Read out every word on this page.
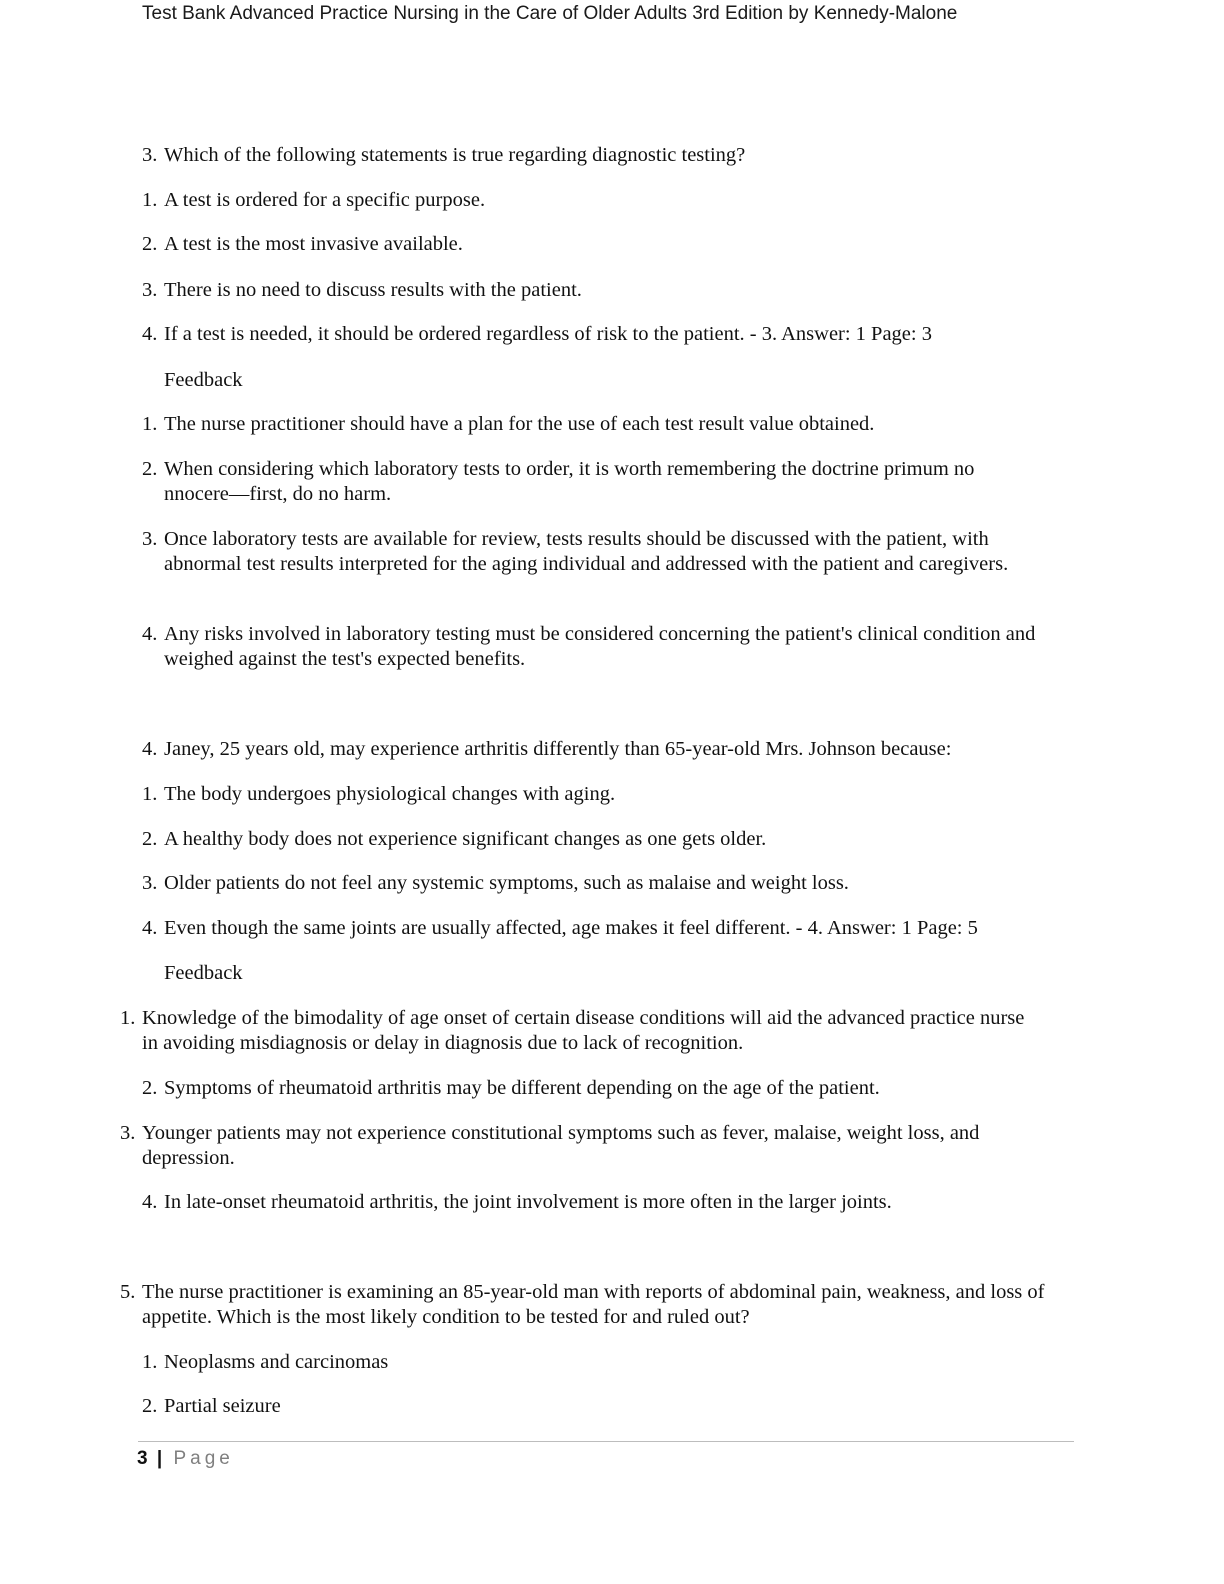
Test Bank Advanced Practice Nursing in the Care of Older Adults 3rd Edition by Kennedy-Malone
3. Which of the following statements is true regarding diagnostic testing?
1. A test is ordered for a specific purpose.
2. A test is the most invasive available.
3. There is no need to discuss results with the patient.
4. If a test is needed, it should be ordered regardless of risk to the patient. - 3. Answer: 1 Page: 3
Feedback
1. The nurse practitioner should have a plan for the use of each test result value obtained.
2. When considering which laboratory tests to order, it is worth remembering the doctrine primum no nnocere—first, do no harm.
3. Once laboratory tests are available for review, tests results should be discussed with the patient, with abnormal test results interpreted for the aging individual and addressed with the patient and caregivers.
4. Any risks involved in laboratory testing must be considered concerning the patient's clinical condition and weighed against the test's expected benefits.
4. Janey, 25 years old, may experience arthritis differently than 65-year-old Mrs. Johnson because:
1. The body undergoes physiological changes with aging.
2. A healthy body does not experience significant changes as one gets older.
3. Older patients do not feel any systemic symptoms, such as malaise and weight loss.
4. Even though the same joints are usually affected, age makes it feel different. - 4. Answer: 1 Page: 5
Feedback
1. Knowledge of the bimodality of age onset of certain disease conditions will aid the advanced practice nurse in avoiding misdiagnosis or delay in diagnosis due to lack of recognition.
2. Symptoms of rheumatoid arthritis may be different depending on the age of the patient.
3. Younger patients may not experience constitutional symptoms such as fever, malaise, weight loss, and depression.
4. In late-onset rheumatoid arthritis, the joint involvement is more often in the larger joints.
5. The nurse practitioner is examining an 85-year-old man with reports of abdominal pain, weakness, and loss of appetite. Which is the most likely condition to be tested for and ruled out?
1. Neoplasms and carcinomas
2. Partial seizure
3 | Page
